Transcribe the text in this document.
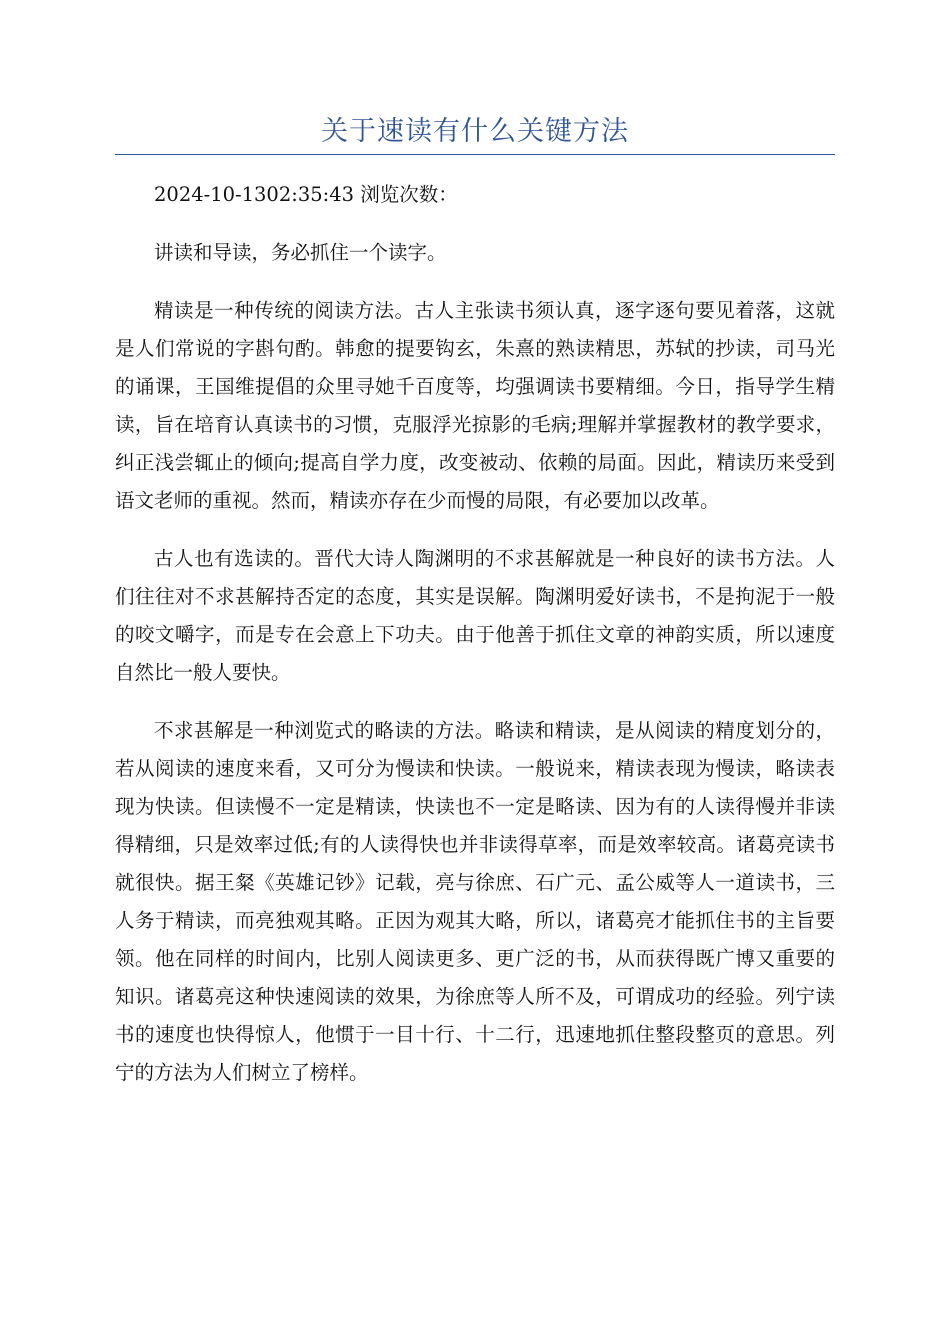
关于速读有什么关键方法
2024-10-1302:35:43 浏览次数：

讲读和导读，务必抓住一个读字。

精读是一种传统的阅读方法。古人主张读书须认真，逐字逐句要见着落，这就是人们常说的字斟句酌。韩愈的提要钩玄，朱熹的熟读精思，苏轼的抄读，司马光的诵课，王国维提倡的众里寻她千百度等，均强调读书要精细。今日，指导学生精读，旨在培育认真读书的习惯，克服浮光掠影的毛病;理解并掌握教材的教学要求，纠正浅尝辄止的倾向;提高自学力度，改变被动、依赖的局面。因此，精读历来受到语文老师的重视。然而，精读亦存在少而慢的局限，有必要加以改革。

古人也有选读的。晋代大诗人陶渊明的不求甚解就是一种良好的读书方法。人们往往对不求甚解持否定的态度，其实是误解。陶渊明爱好读书，不是拘泥于一般的咬文嚼字，而是专在会意上下功夫。由于他善于抓住文章的神韵实质，所以速度自然比一般人要快。

不求甚解是一种浏览式的略读的方法。略读和精读，是从阅读的精度划分的，若从阅读的速度来看，又可分为慢读和快读。一般说来，精读表现为慢读，略读表现为快读。但读慢不一定是精读，快读也不一定是略读、因为有的人读得慢并非读得精细，只是效率过低;有的人读得快也并非读得草率，而是效率较高。诸葛亮读书就很快。据王粲《英雄记钞》记载，亮与徐庶、石广元、孟公威等人一道读书，三人务于精读，而亮独观其略。正因为观其大略，所以，诸葛亮才能抓住书的主旨要领。他在同样的时间内，比别人阅读更多、更广泛的书，从而获得既广博又重要的知识。诸葛亮这种快速阅读的效果，为徐庶等人所不及，可谓成功的经验。列宁读书的速度也快得惊人，他惯于一目十行、十二行，迅速地抓住整段整页的意思。列宁的方法为人们树立了榜样。
